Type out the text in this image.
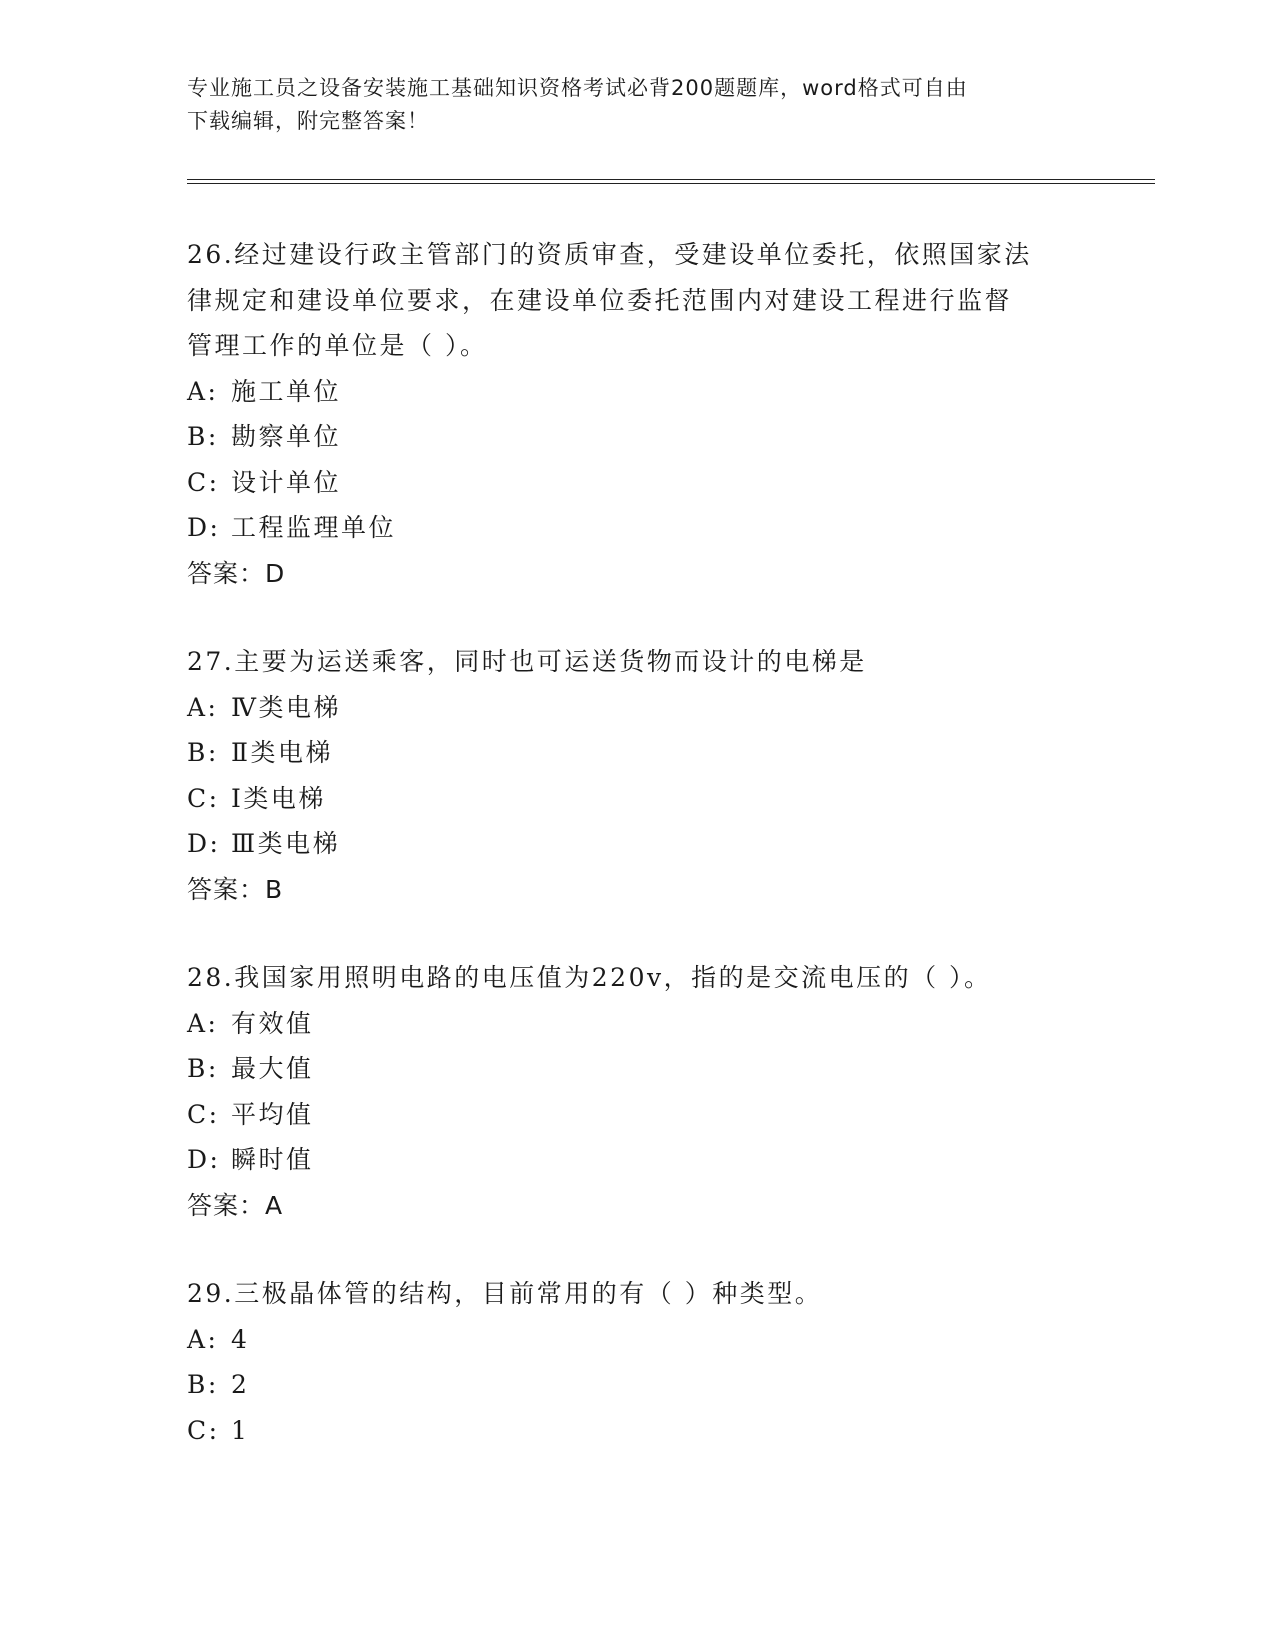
专业施工员之设备安装施工基础知识资格考试必背200题题库，word格式可自由
下载编辑，附完整答案！

26.经过建设行政主管部门的资质审查，受建设单位委托，依照国家法

律规定和建设单位要求，在建设单位委托范围内对建设工程进行监督

管理工作的单位是（ ）。

A: 施工单位

B: 勘察单位

C: 设计单位

D: 工程监理单位

答案：D

27.主要为运送乘客，同时也可运送货物而设计的电梯是

A: Ⅳ类电梯

B: Ⅱ类电梯

C: Ⅰ类电梯

D: Ⅲ类电梯

答案：B

28.我国家用照明电路的电压值为220v，指的是交流电压的（ ）。

A: 有效值

B: 最大值

C: 平均值

D: 瞬时值

答案：A

29.三极晶体管的结构，目前常用的有（ ）种类型。

A: 4

B: 2

C: 1
